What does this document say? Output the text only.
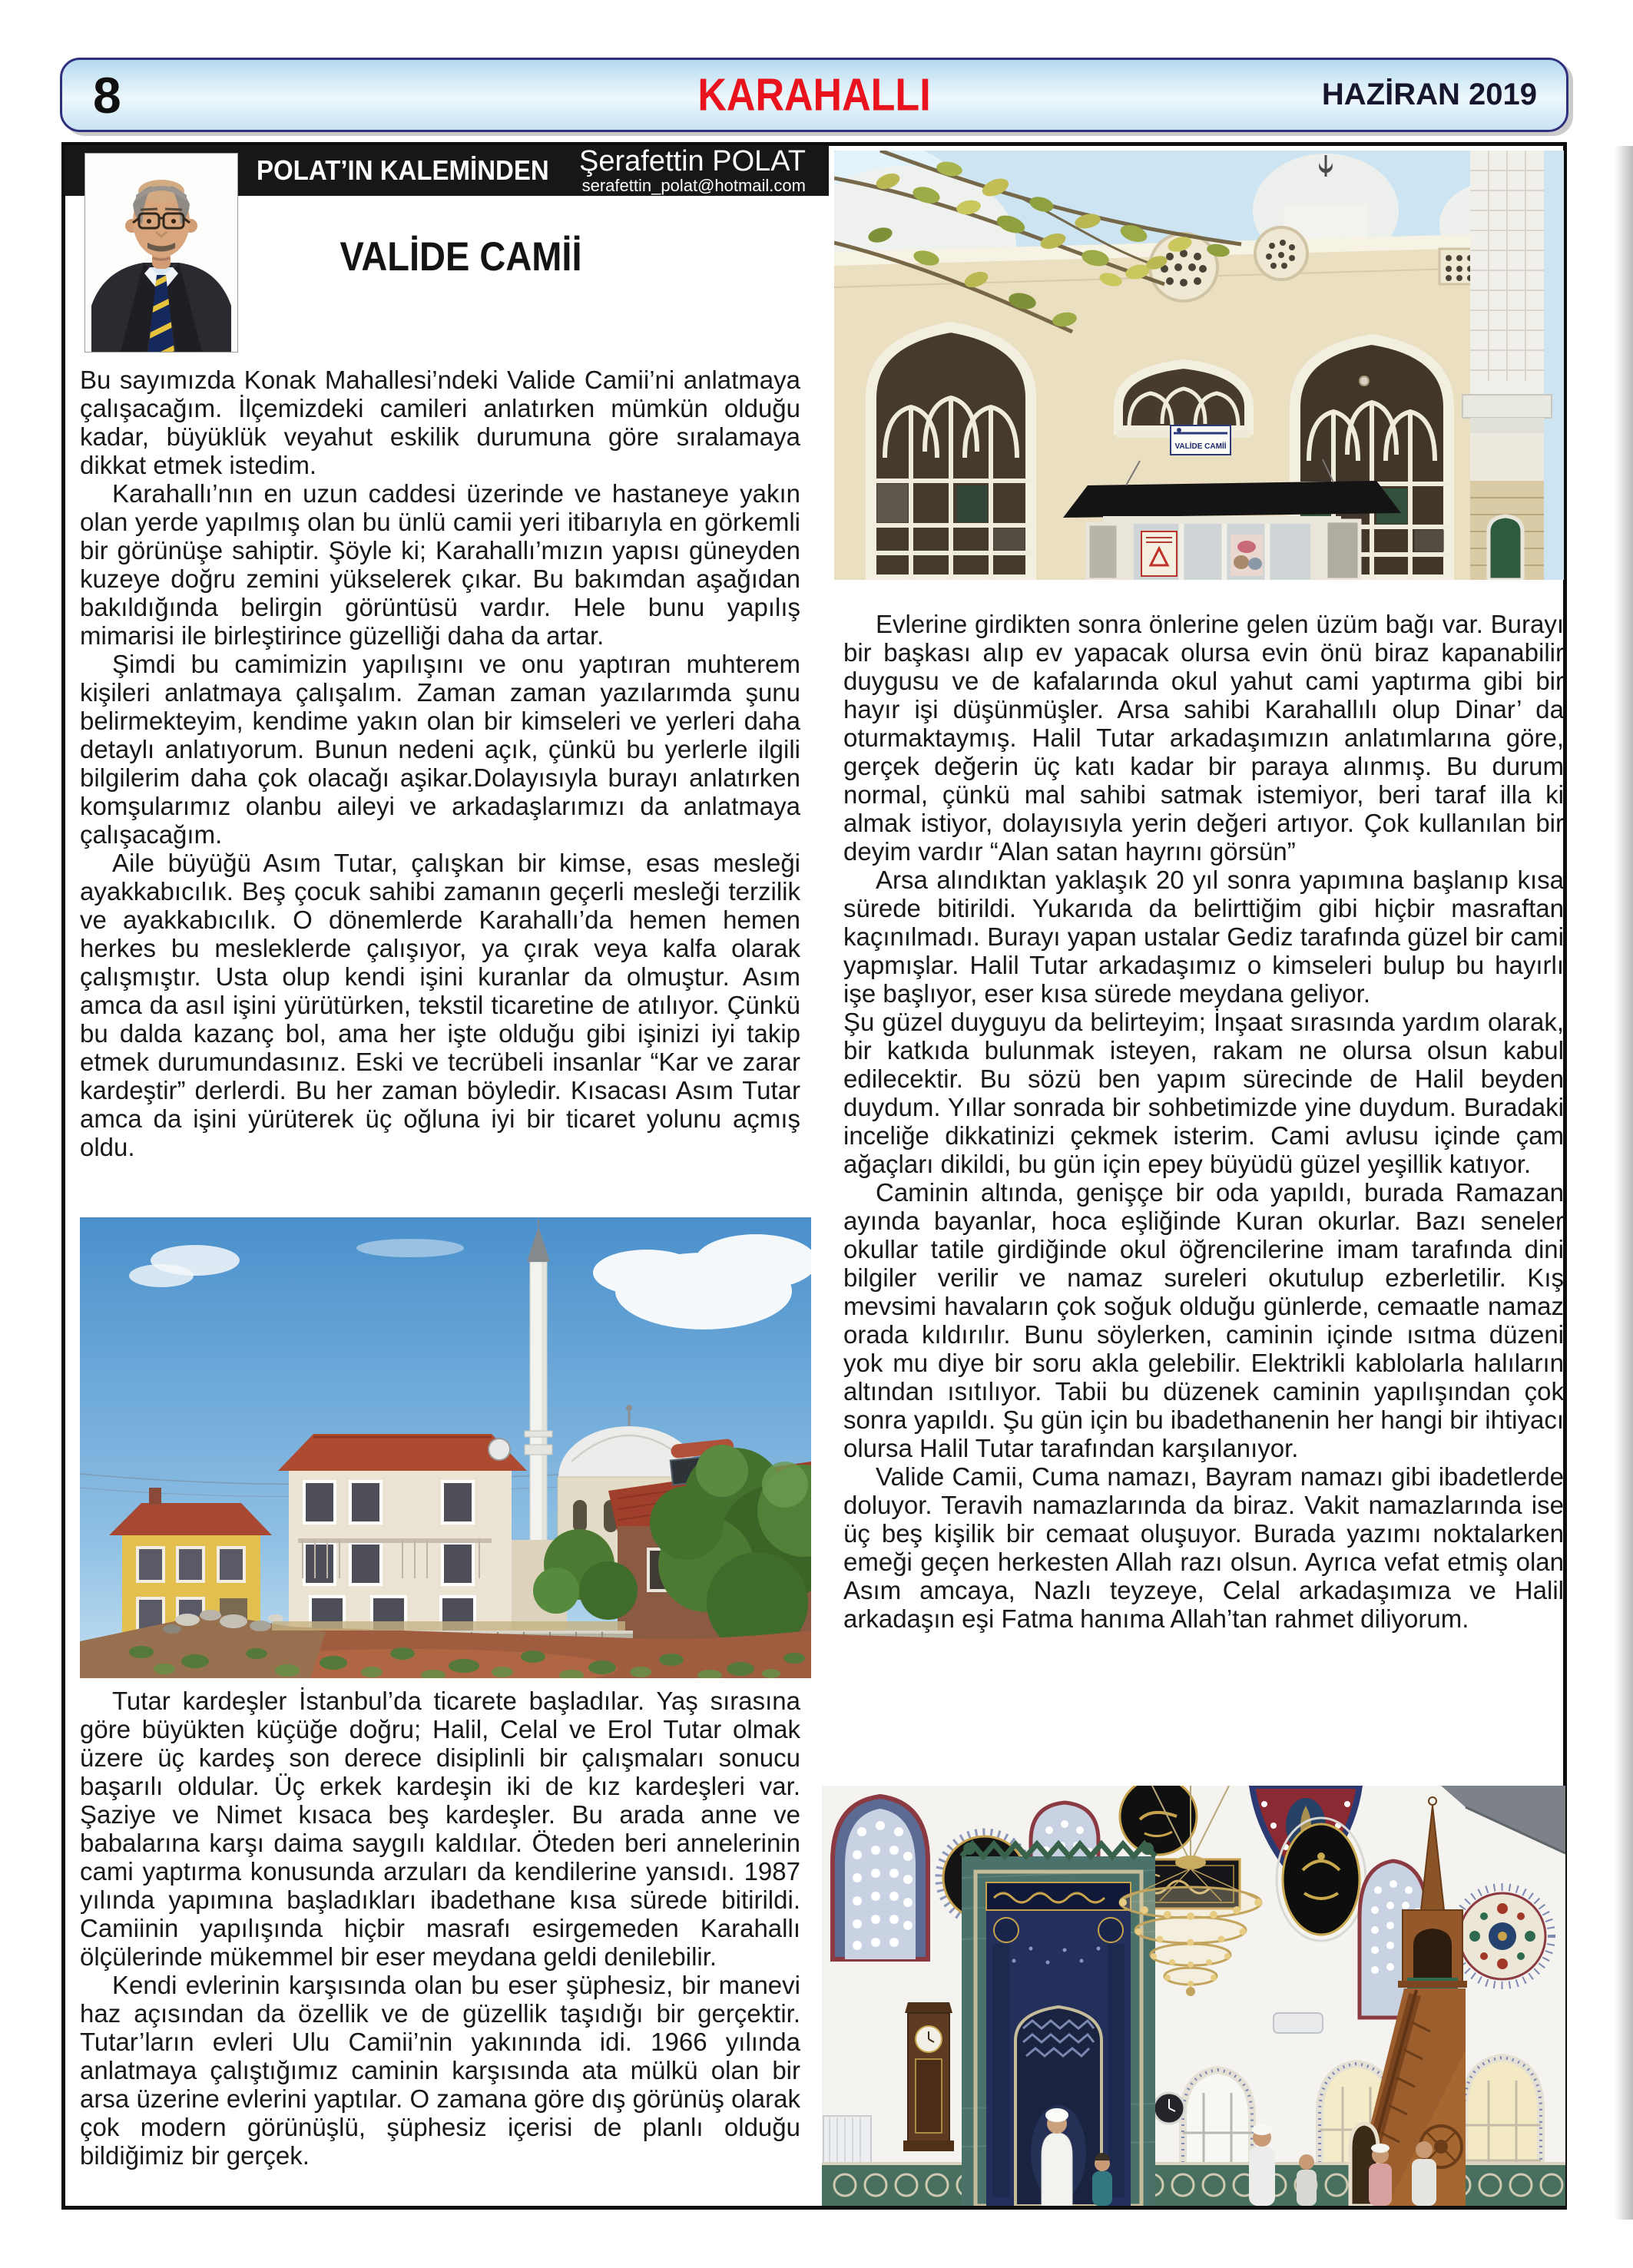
8	KARAHALLI	HAZİRAN 2019
POLAT’IN KALEMİNDEN Şerafettin POLAT
serafettin_polat@hotmail.com
VALİDE CAMİİ

Bu sayımızda Konak Mahallesi’ndeki Valide Camii’ni anlatmaya çalışacağım. İlçemizdeki camileri anlatırken mümkün olduğu kadar, büyüklük veyahut eskilik durumuna göre sıralamaya dikkat etmek istedim.

Karahallı’nın en uzun caddesi üzerinde ve hastaneye yakın olan yerde yapılmış olan bu ünlü camii yeri itibarıyla en görkemli bir görünüşe sahiptir. Şöyle ki; Karahallı’mızın yapısı güneyden kuzeye doğru zemini yükselerek çıkar. Bu bakımdan aşağıdan bakıldığında belirgin görüntüsü vardır. Hele bunu yapılış mimarisi ile birleştirince güzelliği daha da artar.

Şimdi bu camimizin yapılışını ve onu yaptıran muhterem kişileri anlatmaya çalışalım. Zaman zaman yazılarımda şunu belirmekteyim, kendime yakın olan bir kimseleri ve yerleri daha detaylı anlatıyorum. Bunun nedeni açık, çünkü bu yerlerle ilgili bilgilerim daha çok olacağı aşikar.Dolayısıyla burayı anlatırken komşularımız olanbu aileyi ve arkadaşlarımızı da anlatmaya çalışacağım.

Aile büyüğü Asım Tutar, çalışkan bir kimse, esas mesleği ayakkabıcılık. Beş çocuk sahibi zamanın geçerli mesleği terzilik ve ayakkabıcılık. O dönemlerde Karahallı’da hemen hemen herkes bu mesleklerde çalışıyor, ya çırak veya kalfa olarak çalışmıştır. Usta olup kendi işini kuranlar da olmuştur. Asım amca da asıl işini yürütürken, tekstil ticaretine de atılıyor. Çünkü bu dalda kazanç bol, ama her işte olduğu gibi işinizi iyi takip etmek durumundasınız. Eski ve tecrübeli insanlar “Kar ve zarar kardeştir” derlerdi. Bu her zaman böyledir. Kısacası Asım Tutar amca da işini yürüterek üç oğluna iyi bir ticaret yolunu açmış oldu.

Tutar kardeşler İstanbul’da ticarete başladılar. Yaş sırasına göre büyükten küçüğe doğru; Halil, Celal ve Erol Tutar olmak üzere üç kardeş son derece disiplinli bir çalışmaları sonucu başarılı oldular. Üç erkek kardeşin iki de kız kardeşleri var. Şaziye ve Nimet kısaca beş kardeşler. Bu arada anne ve babalarına karşı daima saygılı kaldılar. Öteden beri annelerinin cami yaptırma konusunda arzuları da kendilerine yansıdı. 1987 yılında yapımına başladıkları ibadethane kısa sürede bitirildi. Camiinin yapılışında hiçbir masrafı esirgemeden Karahallı ölçülerinde mükemmel bir eser meydana geldi denilebilir.

Kendi evlerinin karşısında olan bu eser şüphesiz, bir manevi haz açısından da özellik ve de güzellik taşıdığı bir gerçektir. Tutar’ların evleri Ulu Camii’nin yakınında idi. 1966 yılında anlatmaya çalıştığımız caminin karşısında ata mülkü olan bir arsa üzerine evlerini yaptılar. O zamana göre dış görünüş olarak çok modern görünüşlü, şüphesiz içerisi de planlı olduğu bildiğimiz bir gerçek.

VALİDE CAMİİ

Evlerine girdikten sonra önlerine gelen üzüm bağı var. Burayı bir başkası alıp ev yapacak olursa evin önü biraz kapanabilir duygusu ve de kafalarında okul yahut cami yaptırma gibi bir hayır işi düşünmüşler. Arsa sahibi Karahallılı olup Dinar’ da oturmaktaymış. Halil Tutar arkadaşımızın anlatımlarına göre, gerçek değerin üç katı kadar bir paraya alınmış. Bu durum normal, çünkü mal sahibi satmak istemiyor, beri taraf illa ki almak istiyor, dolayısıyla yerin değeri artıyor. Çok kullanılan bir deyim vardır “Alan satan hayrını görsün”

Arsa alındıktan yaklaşık 20 yıl sonra yapımına başlanıp kısa sürede bitirildi. Yukarıda da belirttiğim gibi hiçbir masraftan kaçınılmadı. Burayı yapan ustalar Gediz tarafında güzel bir cami yapmışlar. Halil Tutar arkadaşımız o kimseleri bulup bu hayırlı işe başlıyor, eser kısa sürede meydana geliyor.

Şu güzel duyguyu da belirteyim; İnşaat sırasında yardım olarak, bir katkıda bulunmak isteyen, rakam ne olursa olsun kabul edilecektir. Bu sözü ben yapım sürecinde de Halil beyden duydum. Yıllar sonrada bir sohbetimizde yine duydum. Buradaki inceliğe dikkatinizi çekmek isterim. Cami avlusu içinde çam ağaçları dikildi, bu gün için epey büyüdü güzel yeşillik katıyor.

Caminin altında, genişçe bir oda yapıldı, burada Ramazan ayında bayanlar, hoca eşliğinde Kuran okurlar. Bazı seneler okullar tatile girdiğinde okul öğrencilerine imam tarafında dini bilgiler verilir ve namaz sureleri okutulup ezberletilir. Kış mevsimi havaların çok soğuk olduğu günlerde, cemaatle namaz orada kıldırılır. Bunu söylerken, caminin içinde ısıtma düzeni yok mu diye bir soru akla gelebilir. Elektrikli kablolarla halıların altından ısıtılıyor. Tabii bu düzenek caminin yapılışından çok sonra yapıldı. Şu gün için bu ibadethanenin her hangi bir ihtiyacı olursa Halil Tutar tarafından karşılanıyor.

Valide Camii, Cuma namazı, Bayram namazı gibi ibadetlerde doluyor. Teravih namazlarında da biraz. Vakit namazlarında ise üç beş kişilik bir cemaat oluşuyor. Burada yazımı noktalarken emeği geçen herkesten Allah razı olsun. Ayrıca vefat etmiş olan Asım amcaya, Nazlı teyzeye, Celal arkadaşımıza ve Halil arkadaşın eşi Fatma hanıma Allah’tan rahmet diliyorum.
